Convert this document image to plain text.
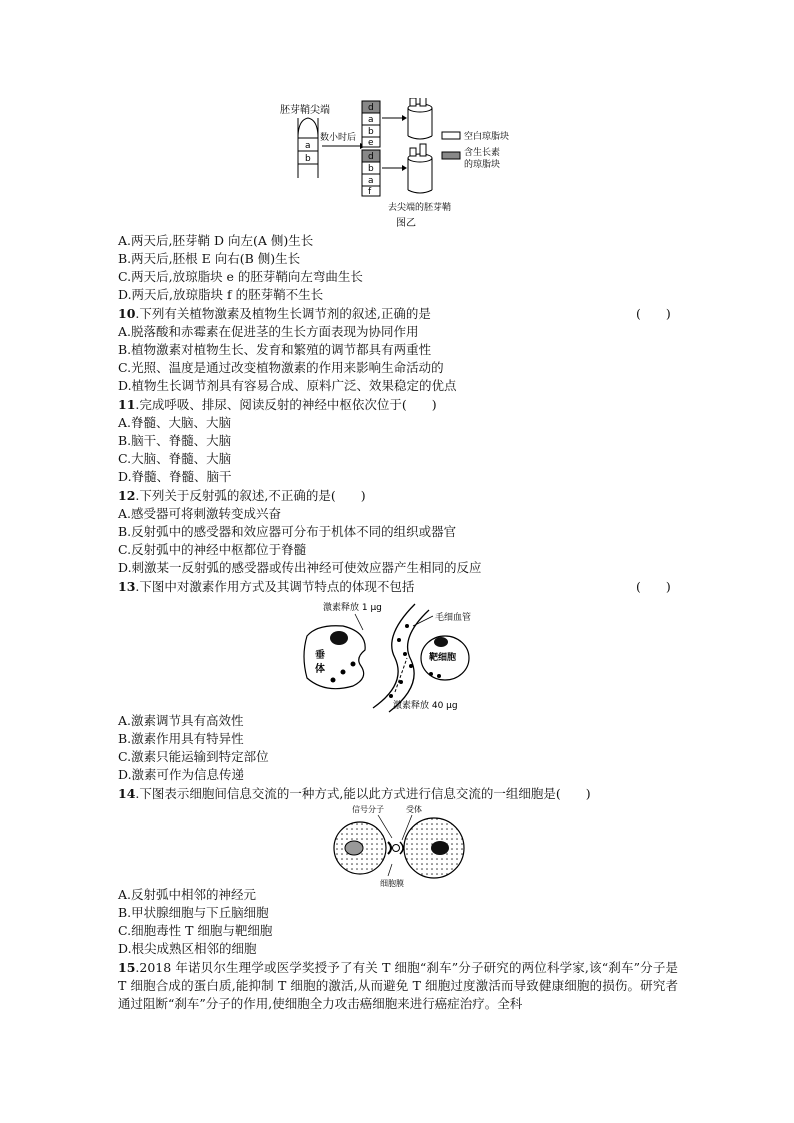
胚芽鞘尖端
a
b
数小时后
d
a
b
e
d
b
a
f
空白琼脂块
含生长素
的琼脂块
去尖端的胚芽鞘
图乙
A.两天后,胚芽鞘 D 向左(A 侧)生长
B.两天后,胚根 E 向右(B 侧)生长
C.两天后,放琼脂块 e 的胚芽鞘向左弯曲生长
D.两天后,放琼脂块 f 的胚芽鞘不生长
10.下列有关植物激素及植物生长调节剂的叙述,正确的是	(　　)
A.脱落酸和赤霉素在促进茎的生长方面表现为协同作用
B.植物激素对植物生长、发育和繁殖的调节都具有两重性
C.光照、温度是通过改变植物激素的作用来影响生命活动的
D.植物生长调节剂具有容易合成、原料广泛、效果稳定的优点
11.完成呼吸、排尿、阅读反射的神经中枢依次位于(　　)
A.脊髓、大脑、大脑
B.脑干、脊髓、大脑
C.大脑、脊髓、大脑
D.脊髓、脊髓、脑干
12.下列关于反射弧的叙述,不正确的是(　　)
A.感受器可将刺激转变成兴奋
B.反射弧中的感受器和效应器可分布于机体不同的组织或器官
C.反射弧中的神经中枢都位于脊髓
D.刺激某一反射弧的感受器或传出神经可使效应器产生相同的反应
13.下图中对激素作用方式及其调节特点的体现不包括	(　　)
激素释放 1 μg
毛细血管
垂
体
靶细胞
激素释放 40 μg
A.激素调节具有高效性
B.激素作用具有特异性
C.激素只能运输到特定部位
D.激素可作为信息传递
14.下图表示细胞间信息交流的一种方式,能以此方式进行信息交流的一组细胞是(　　)
信号分子	受体
细胞膜
A.反射弧中相邻的神经元
B.甲状腺细胞与下丘脑细胞
C.细胞毒性 T 细胞与靶细胞
D.根尖成熟区相邻的细胞
15.2018 年诺贝尔生理学或医学奖授予了有关 T 细胞“刹车”分子研究的两位科学家,该“刹车”分子是 T 细胞合成的蛋白质,能抑制 T 细胞的激活,从而避免 T 细胞过度激活而导致健康细胞的损伤。研究者通过阻断“刹车”分子的作用,使细胞全力攻击癌细胞来进行癌症治疗。全科
